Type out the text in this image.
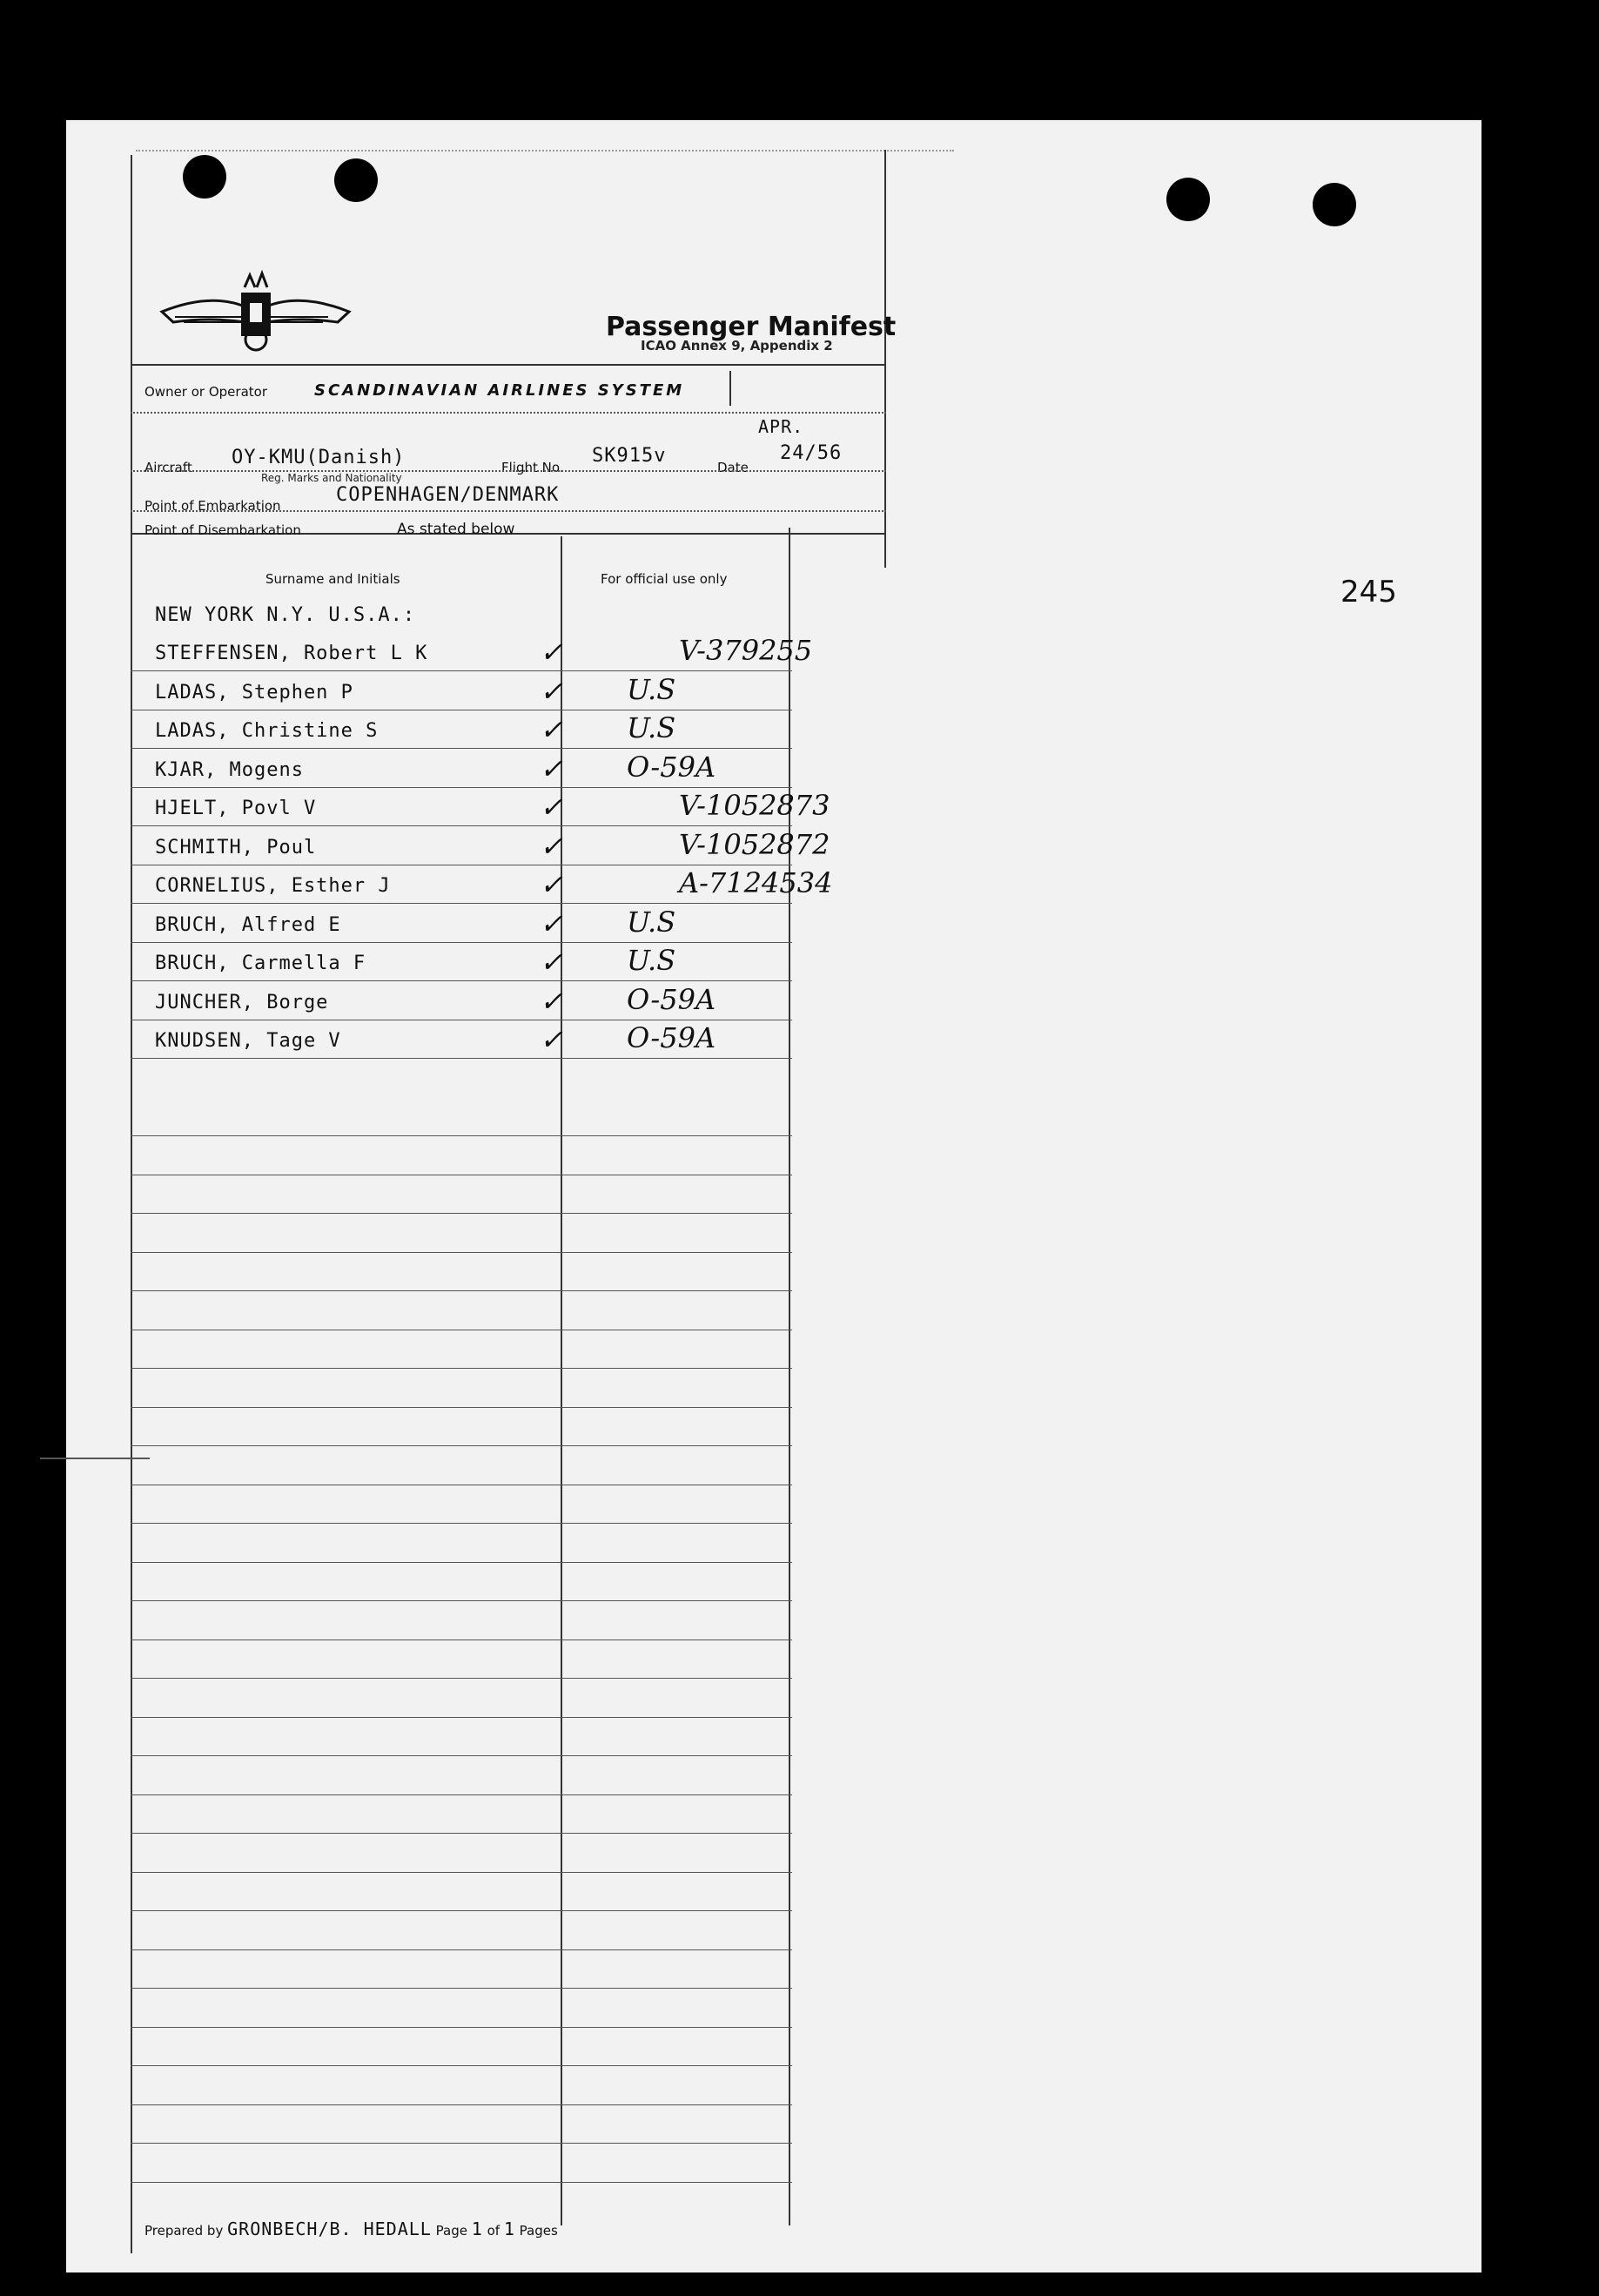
Passenger Manifest
ICAO Annex 9, Appendix 2
Owner or Operator	SCANDINAVIAN AIRLINES SYSTEM
APR.
Aircraft OY-KMU(Danish)
Reg. Marks and Nationality
Flight No.
SK915v
Date
24/56
Point of Embarkation	COPENHAGEN/DENMARK
Point of Disembarkation	As stated below
Surname and Initials	For official use only
NEW YORK N.Y. U.S.A.:
STEFFENSEN, Robert L K	✓	V-379255
LADAS, Stephen P	✓ U.S
LADAS, Christine S	✓ U.S
KJAR, Mogens	✓ O-59A
HJELT, Povl V	✓	V-1052873
SCHMITH, Poul	✓	V-1052872
CORNELIUS, Esther J	✓	A-7124534
BRUCH, Alfred E	✓ U.S
BRUCH, Carmella F	✓ U.S
JUNCHER, Borge	✓ O-59A
KNUDSEN, Tage V	✓ O-59A
Prepared by GRONBECH/B. HEDALL Page 1 of 1 Pages
245
